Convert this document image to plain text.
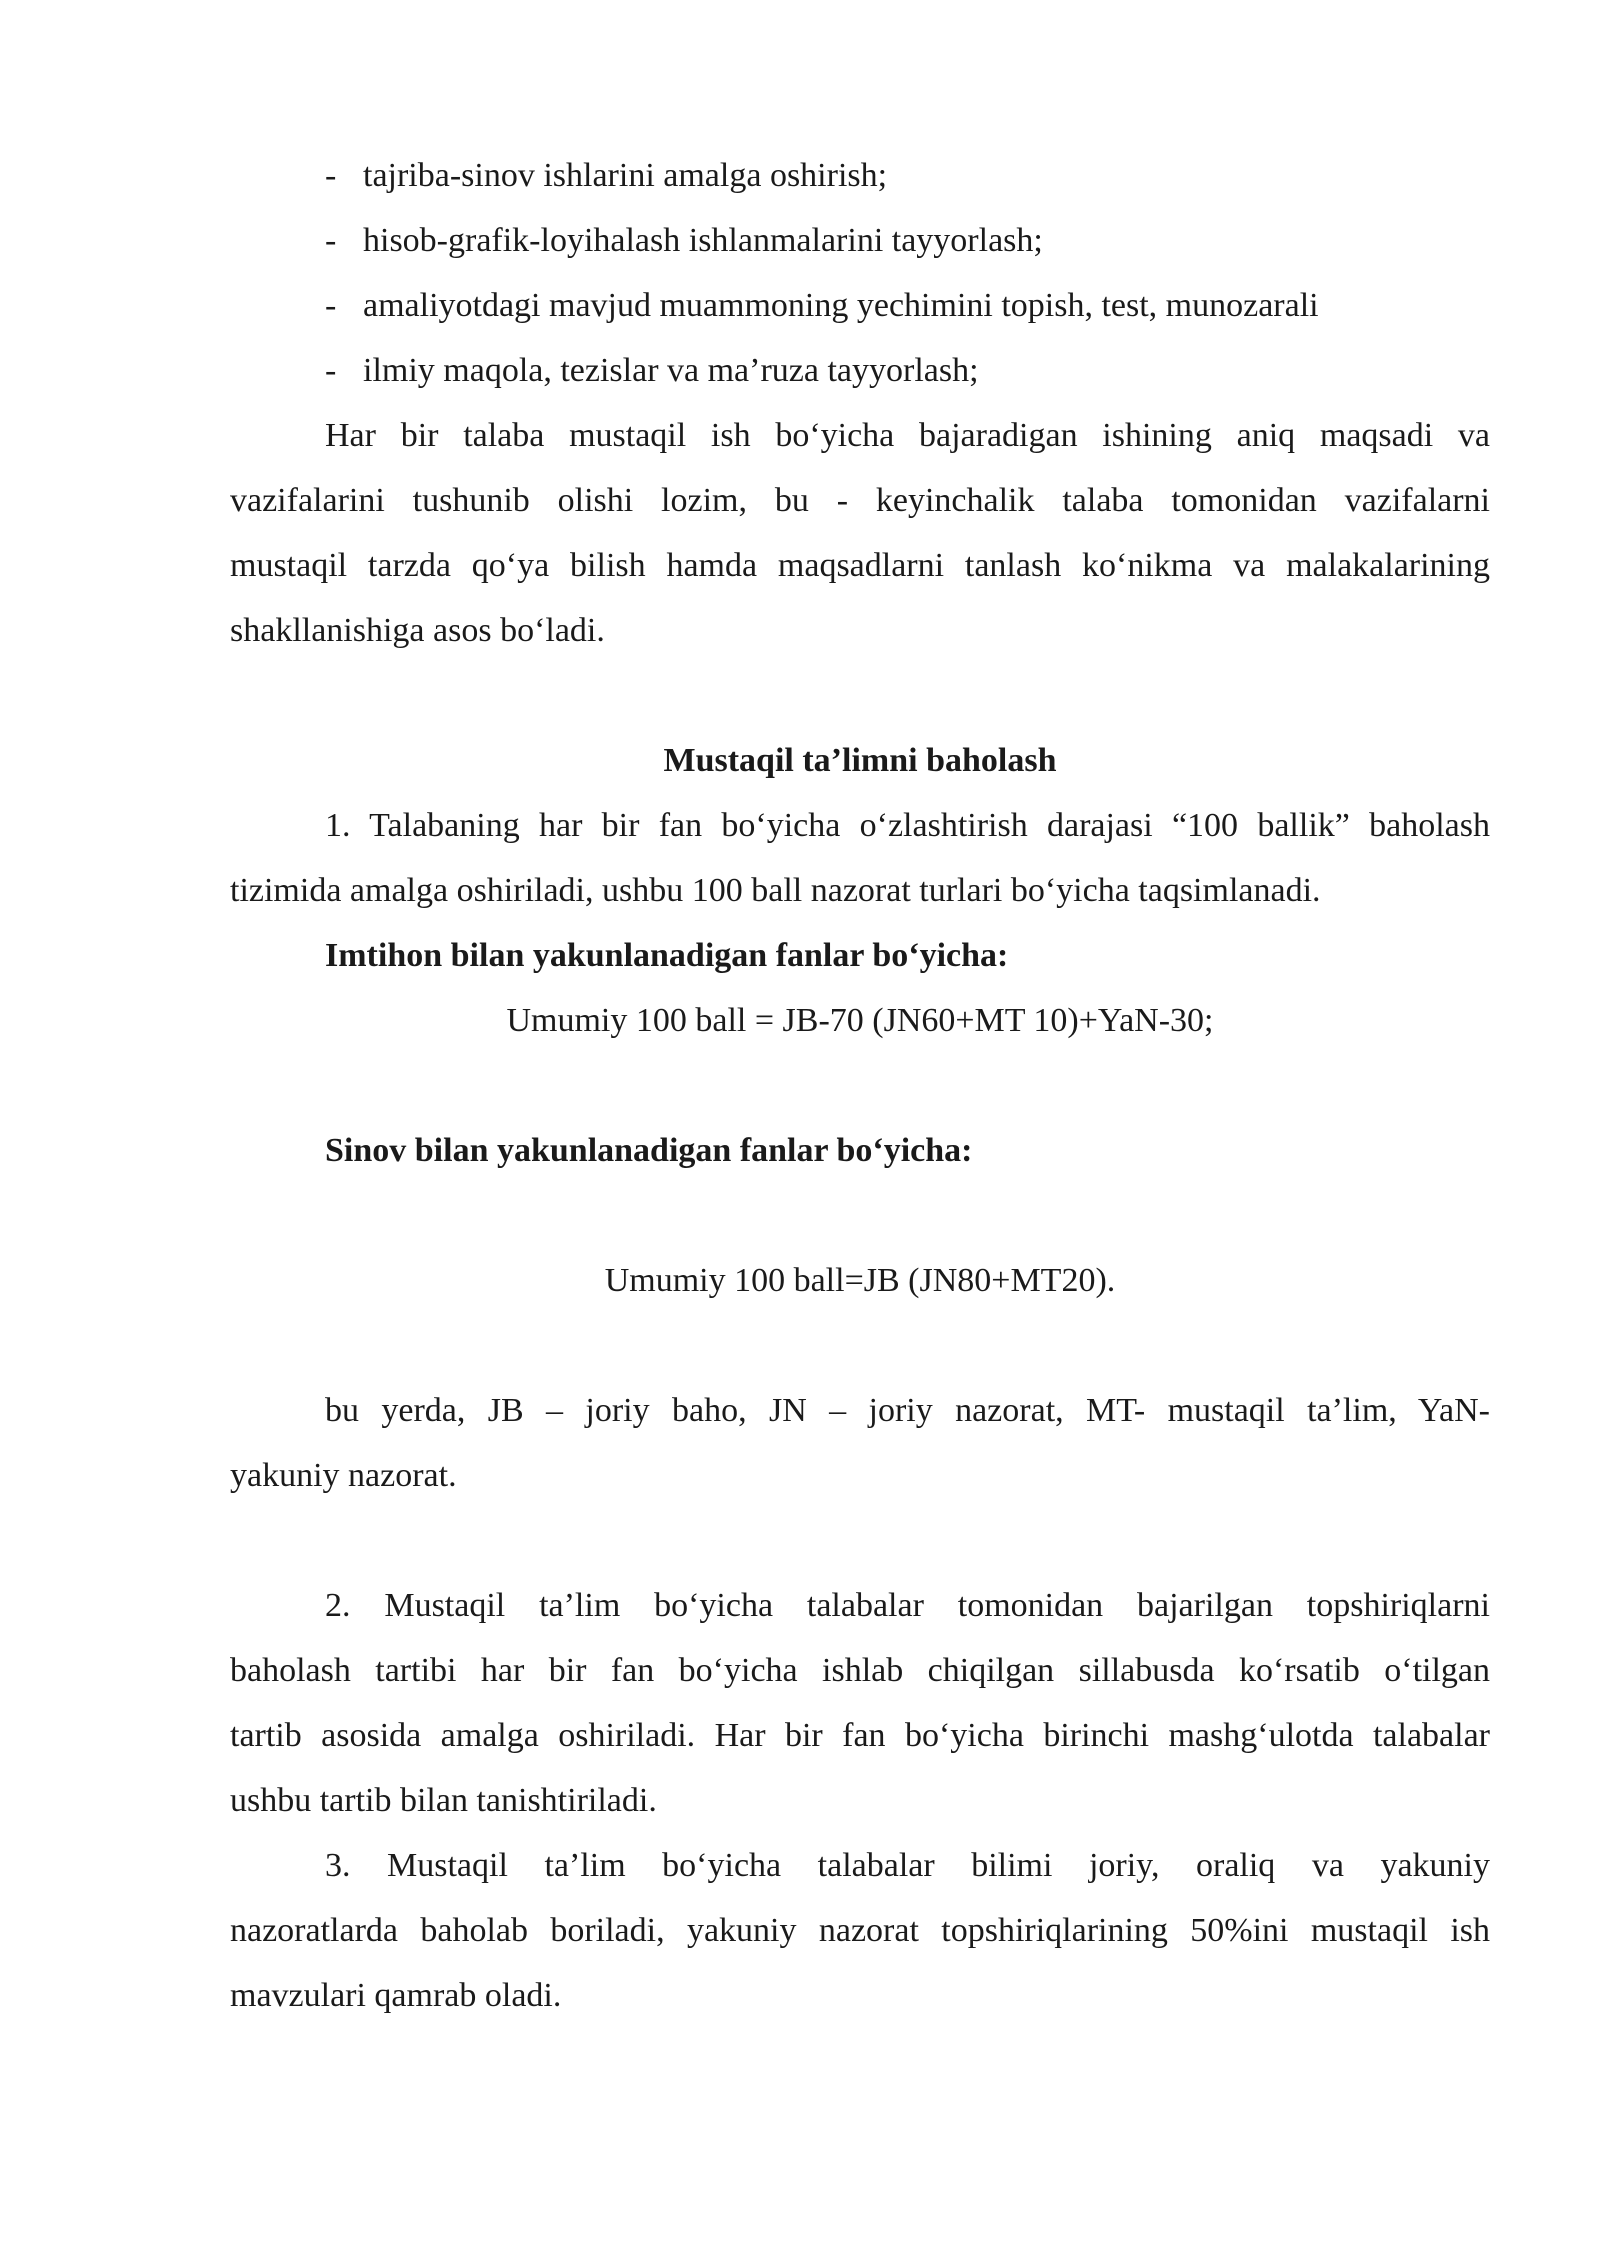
- tajriba-sinov ishlarini amalga oshirish;
- hisob-grafik-loyihalash ishlanmalarini tayyorlash;
- amaliyotdagi mavjud muammoning yechimini topish, test, munozarali
- ilmiy maqola, tezislar va ma’ruza tayyorlash;
Har bir talaba mustaqil ish bo‘yicha bajaradigan ishining aniq maqsadi va
vazifalarini tushunib olishi lozim, bu - keyinchalik talaba tomonidan vazifalarni
mustaqil tarzda qo‘ya bilish hamda maqsadlarni tanlash ko‘nikma va malakalarining
shakllanishiga asos bo‘ladi.
Mustaqil ta’limni baholash
1. Talabaning har bir fan bo‘yicha o‘zlashtirish darajasi “100 ballik” baholash
tizimida amalga oshiriladi, ushbu 100 ball nazorat turlari bo‘yicha taqsimlanadi.
Imtihon bilan yakunlanadigan fanlar bo‘yicha:
Umumiy 100 ball = JB-70 (JN60+MT 10)+YaN-30;
Sinov bilan yakunlanadigan fanlar bo‘yicha:
Umumiy 100 ball=JB (JN80+MT20).
bu yerda, JB – joriy baho, JN – joriy nazorat, MT- mustaqil ta’lim, YaN-
yakuniy nazorat.
2. Mustaqil ta’lim bo‘yicha talabalar tomonidan bajarilgan topshiriqlarni
baholash tartibi har bir fan bo‘yicha ishlab chiqilgan sillabusda ko‘rsatib o‘tilgan
tartib asosida amalga oshiriladi. Har bir fan bo‘yicha birinchi mashg‘ulotda talabalar
ushbu tartib bilan tanishtiriladi.
3. Mustaqil ta’lim bo‘yicha talabalar bilimi joriy, oraliq va yakuniy
nazoratlarda baholab boriladi, yakuniy nazorat topshiriqlarining 50%ini mustaqil ish
mavzulari qamrab oladi.
